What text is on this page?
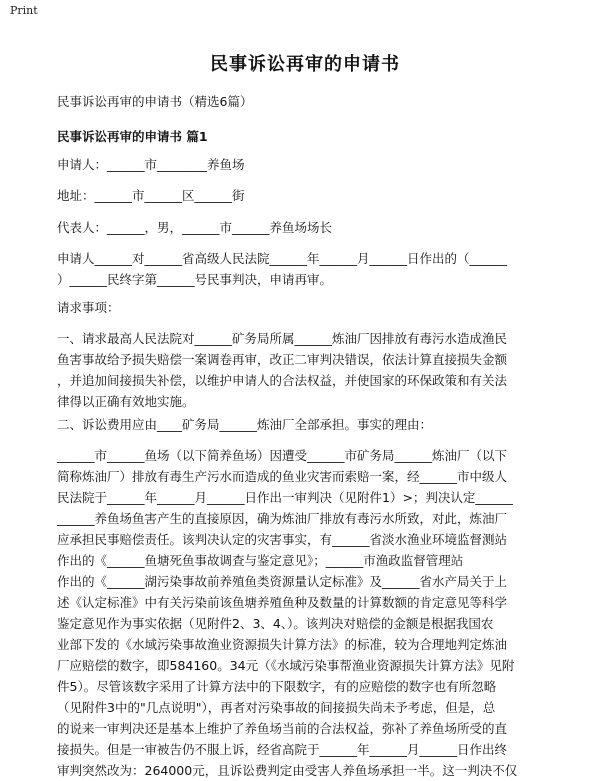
Print
民事诉讼再审的申请书

民事诉讼再审的申请书（精选6篇）

民事诉讼再审的申请书 篇1

申请人：______市________养鱼场

地址：______市______区______街

代表人：______，男，______市______养鱼场场长

申请人______对______省高级人民法院______年______月______日作出的（______
）______民终字第______号民事判决，申请再审。

请求事项：

一、请求最高人民法院对______矿务局所属______炼油厂因排放有毒污水造成渔民
鱼害事故给予损失赔偿一案调卷再审，改正二审判决错误，依法计算直接损失金额
，并追加间接损失补偿，以维护申请人的合法权益，并使国家的环保政策和有关法
律得以正确有效地实施。

二、诉讼费用应由____矿务局______炼油厂全部承担。事实的理由：

______市______鱼场（以下简养鱼场）因遭受______市矿务局______炼油厂（以下
简称炼油厂）排放有毒生产污水而造成的鱼业灾害而索赔一案，经______市中级人
民法院于______年______月______日作出一审判决（见附件1）>；判决认定______
______养鱼场鱼害产生的直接原因，确为炼油厂排放有毒污水所致，对此，炼油厂
应承担民事赔偿责任。该判决认定的灾害事实，有______省淡水渔业环境监督测站
作出的《______鱼塘死鱼事故调查与鉴定意见》；______市渔政监督管理站
作出的《______湖污染事故前养殖鱼类资源量认定标准》及______省水产局关于上
述《认定标准》中有关污染前该鱼塘养殖鱼种及数量的计算数额的肯定意见等科学
鉴定意见作为事实依据（见附件2、3、4、）。该判决对赔偿的金额是根据我国农
业部下发的《水域污染事故渔业资源损失计算方法》的标准，较为合理地判定炼油
厂应赔偿的数字，即584160。34元（《水域污染事帮渔业资源损失计算方法》见附
件5）。尽管该数字采用了计算方法中的下限数字，有的应赔偿的数字也有所忽略
（见附件3中的"几点说明"），再者对污染事故的间接损失尚未予考虑，但是，总
的说来一审判决还是基本上维护了养鱼场当前的合法权益，弥补了养鱼场所受的直
接损失。但是一审被告仍不服上诉，经省高院于______年______月______日作出终
审判突然改为：264000元，且诉讼费判定由受害人养鱼场承担一半。这一判决不仅
